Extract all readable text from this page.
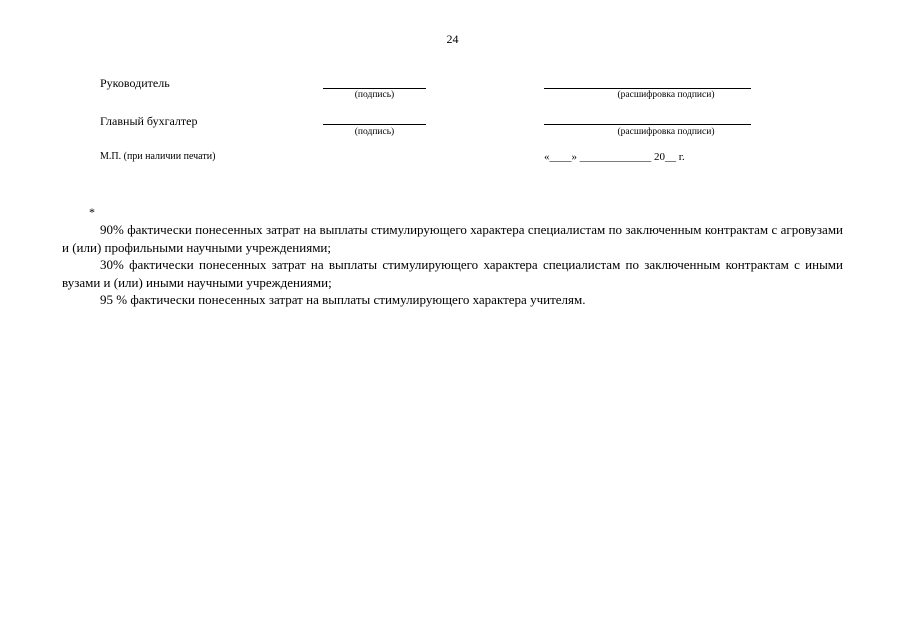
24
Руководитель
(подпись)	(расшифровка подписи)
Главный бухгалтер
(подпись)	(расшифровка подписи)
М.П. (при наличии печати)	«____» _____________ 20__ г.
*

90% фактически понесенных затрат на выплаты стимулирующего характера специалистам по заключенным контрактам с агровузами и (или) профильными научными учреждениями;

30% фактически понесенных затрат на выплаты стимулирующего характера специалистам по заключенным контрактам с иными вузами и (или) иными научными учреждениями;

95 % фактически понесенных затрат на выплаты стимулирующего характера учителям.
